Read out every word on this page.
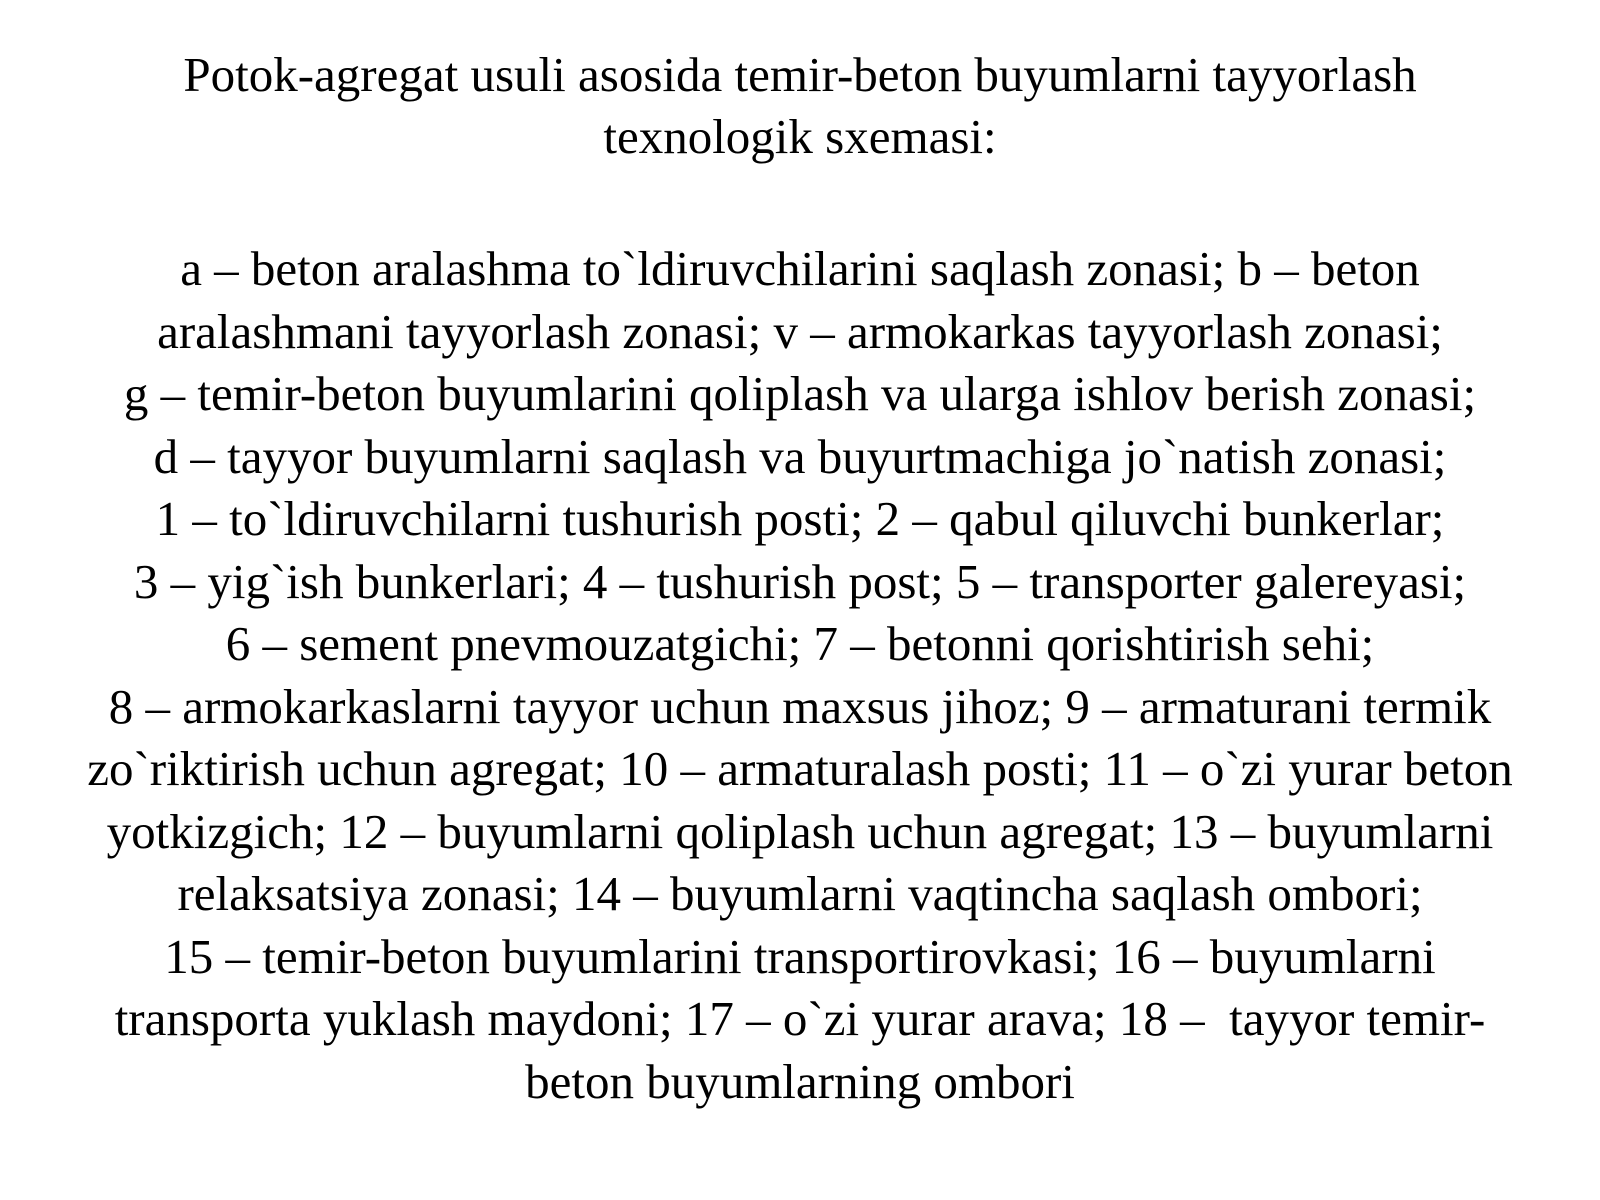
Potok-agregat usuli asosida temir-beton buyumlarni tayyorlash
texnologik sxemasi:
a – beton aralashma to`ldiruvchilarini saqlash zonasi; b – beton
aralashmani tayyorlash zonasi; v – armokarkas tayyorlash zonasi;
g – temir-beton buyumlarini qoliplash va ularga ishlov berish zonasi;
d – tayyor buyumlarni saqlash va buyurtmachiga jo`natish zonasi;
1 – to`ldiruvchilarni tushurish posti; 2 – qabul qiluvchi bunkerlar;
3 – yig`ish bunkerlari; 4 – tushurish post; 5 – transporter galereyasi;
6 – sement pnevmouzatgichi; 7 – betonni qorishtirish sehi;
8 – armokarkaslarni tayyor uchun maxsus jihoz; 9 – armaturani termik
zo`riktirish uchun agregat; 10 – armaturalash posti; 11 – o`zi yurar beton
yotkizgich; 12 – buyumlarni qoliplash uchun agregat; 13 – buyumlarni
relaksatsiya zonasi; 14 – buyumlarni vaqtincha saqlash ombori;
15 – temir-beton buyumlarini transportirovkasi; 16 – buyumlarni
transporta yuklash maydoni; 17 – o`zi yurar arava; 18 –  tayyor temir-
beton buyumlarning ombori
